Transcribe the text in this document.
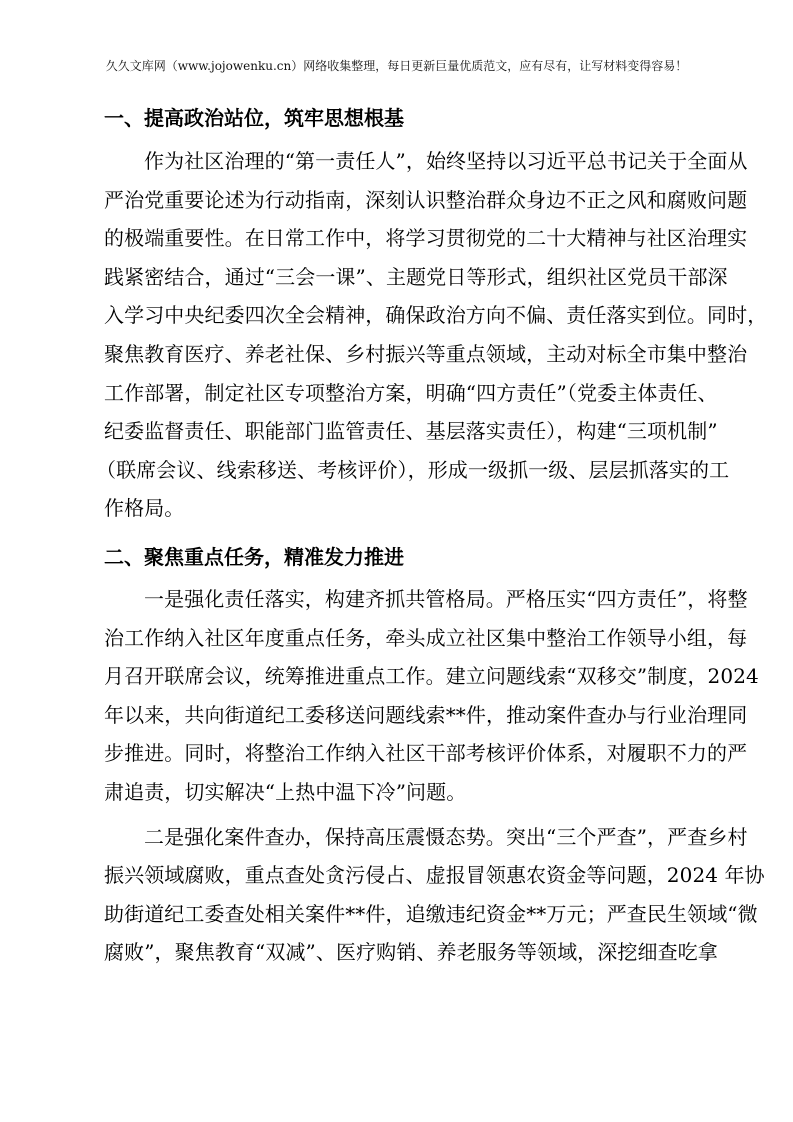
久久文库网（www.jojowenku.cn）网络收集整理，每日更新巨量优质范文，应有尽有，让写材料变得容易！
一、提高政治站位，筑牢思想根基
作为社区治理的“第一责任人”，始终坚持以习近平总书记关于全面从
严治党重要论述为行动指南，深刻认识整治群众身边不正之风和腐败问题
的极端重要性。在日常工作中，将学习贯彻党的二十大精神与社区治理实
践紧密结合，通过“三会一课”、主题党日等形式，组织社区党员干部深
入学习中央纪委四次全会精神，确保政治方向不偏、责任落实到位。同时，
聚焦教育医疗、养老社保、乡村振兴等重点领域，主动对标全市集中整治
工作部署，制定社区专项整治方案，明确“四方责任”（党委主体责任、
纪委监督责任、职能部门监管责任、基层落实责任），构建“三项机制”
（联席会议、线索移送、考核评价），形成一级抓一级、层层抓落实的工
作格局。
二、聚焦重点任务，精准发力推进
一是强化责任落实，构建齐抓共管格局。严格压实“四方责任”，将整
治工作纳入社区年度重点任务，牵头成立社区集中整治工作领导小组，每
月召开联席会议，统筹推进重点工作。建立问题线索“双移交”制度，2024
年以来，共向街道纪工委移送问题线索**件，推动案件查办与行业治理同
步推进。同时，将整治工作纳入社区干部考核评价体系，对履职不力的严
肃追责，切实解决“上热中温下冷”问题。
二是强化案件查办，保持高压震慑态势。突出“三个严查”，严查乡村
振兴领域腐败，重点查处贪污侵占、虚报冒领惠农资金等问题，2024 年协
助街道纪工委查处相关案件**件，追缴违纪资金**万元；严查民生领域“微
腐败”，聚焦教育“双减”、医疗购销、养老服务等领域，深挖细查吃拿
